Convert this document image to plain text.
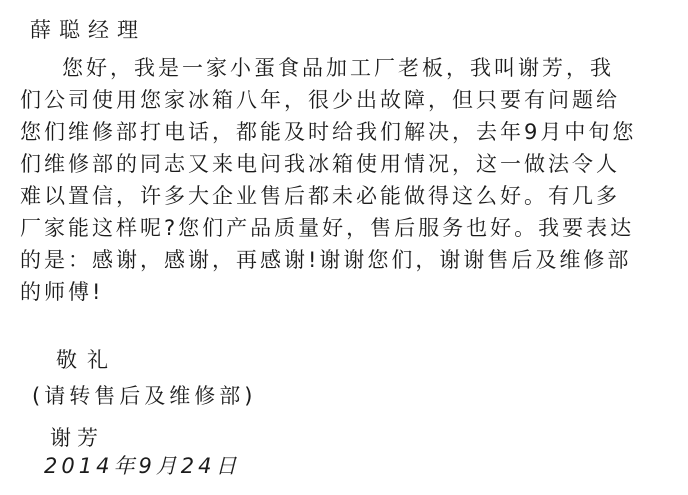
薛聪经理
您好，我是一家小蛋食品加工厂老板，我叫谢芳，我
们公司使用您家冰箱八年，很少出故障，但只要有问题给
您们维修部打电话，都能及时给我们解决，去年9月中旬您
们维修部的同志又来电问我冰箱使用情况，这一做法令人
难以置信，许多大企业售后都未必能做得这么好。有几多
厂家能这样呢?您们产品质量好，售后服务也好。我要表达
的是：感谢，感谢，再感谢!谢谢您们，谢谢售后及维修部
的师傅!
敬礼
(请转售后及维修部)
谢芳
2014年9月24日
